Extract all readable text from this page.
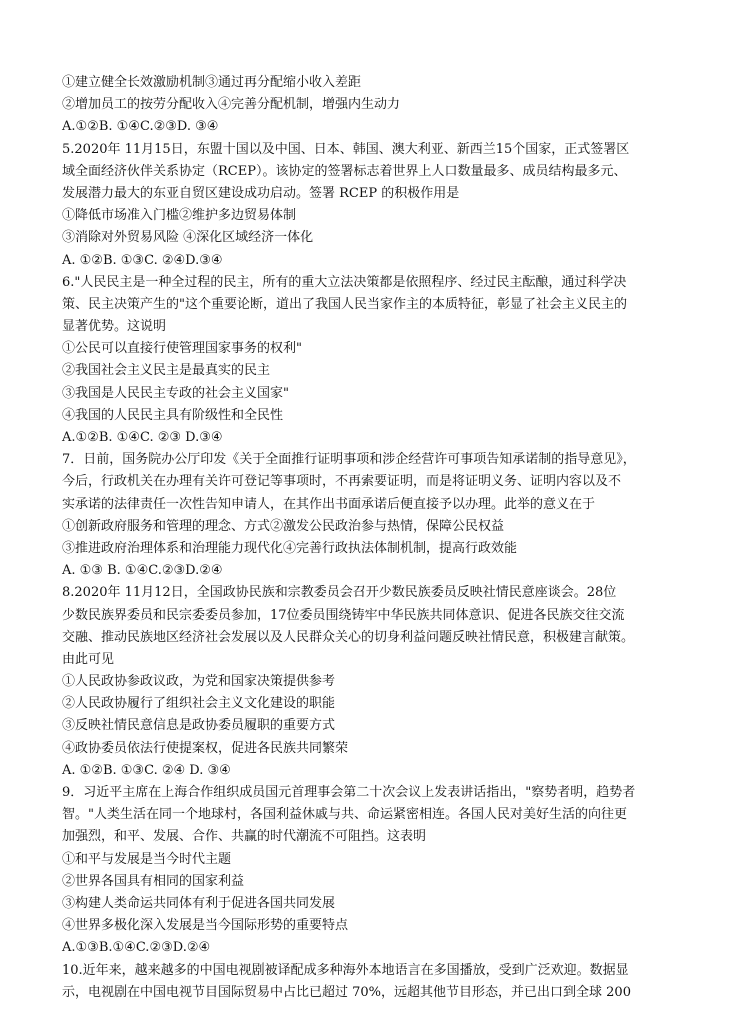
①建立健全长效激励机制③通过再分配缩小收入差距
②增加员工的按劳分配收入④完善分配机制，增强内生动力
A.①②B. ①④C.②③D. ③④
5.2020年 11月15日，东盟十国以及中国、日本、韩国、澳大利亚、新西兰15个国家，正式签署区
域全面经济伙伴关系协定（RCEP）。该协定的签署标志着世界上人口数量最多、成员结构最多元、
发展潜力最大的东亚自贸区建设成功启动。签署 RCEP 的积极作用是
①降低市场准入门槛②维护多边贸易体制
③消除对外贸易风险 ④深化区域经济一体化
A. ①②B. ①③C. ②④D.③④
6."人民民主是一种全过程的民主，所有的重大立法决策都是依照程序、经过民主酝酿，通过科学决
策、民主决策产生的"这个重要论断，道出了我国人民当家作主的本质特征，彰显了社会主义民主的
显著优势。这说明
①公民可以直接行使管理国家事务的权利"
②我国社会主义民主是最真实的民主
③我国是人民民主专政的社会主义国家"
④我国的人民民主具有阶级性和全民性
A.①②B. ①④C. ②③ D.③④
7．日前，国务院办公厅印发《关于全面推行证明事项和涉企经营许可事项告知承诺制的指导意见》，
今后，行政机关在办理有关许可登记等事项时，不再索要证明，而是将证明义务、证明内容以及不
实承诺的法律责任一次性告知申请人，在其作出书面承诺后便直接予以办理。此举的意义在于
①创新政府服务和管理的理念、方式②激发公民政治参与热情，保障公民权益
③推进政府治理体系和治理能力现代化④完善行政执法体制机制，提高行政效能
A. ①③ B. ①④C.②③D.②④
8.2020年 11月12日，全国政协民族和宗教委员会召开少数民族委员反映社情民意座谈会。28位
少数民族界委员和民宗委委员参加，17位委员围绕铸牢中华民族共同体意识、促进各民族交往交流
交融、推动民族地区经济社会发展以及人民群众关心的切身利益问题反映社情民意，积极建言献策。
由此可见
①人民政协参政议政，为党和国家决策提供参考
②人民政协履行了组织社会主义文化建设的职能
③反映社情民意信息是政协委员履职的重要方式
④政协委员依法行使提案权，促进各民族共同繁荣
A. ①②B. ①③C. ②④ D. ③④
9．习近平主席在上海合作组织成员国元首理事会第二十次会议上发表讲话指出，"察势者明，趋势者
智。"人类生活在同一个地球村，各国利益休戚与共、命运紧密相连。各国人民对美好生活的向往更
加强烈，和平、发展、合作、共赢的时代潮流不可阻挡。这表明
①和平与发展是当今时代主题
②世界各国具有相同的国家利益
③构建人类命运共同体有利于促进各国共同发展
④世界多极化深入发展是当今国际形势的重要特点
A.①③B.①④C.②③D.②④
10.近年来，越来越多的中国电视剧被译配成多种海外本地语言在多国播放，受到广泛欢迎。数据显
示，电视剧在中国电视节目国际贸易中占比已超过 70%，远超其他节目形态，并已出口到全球 200
